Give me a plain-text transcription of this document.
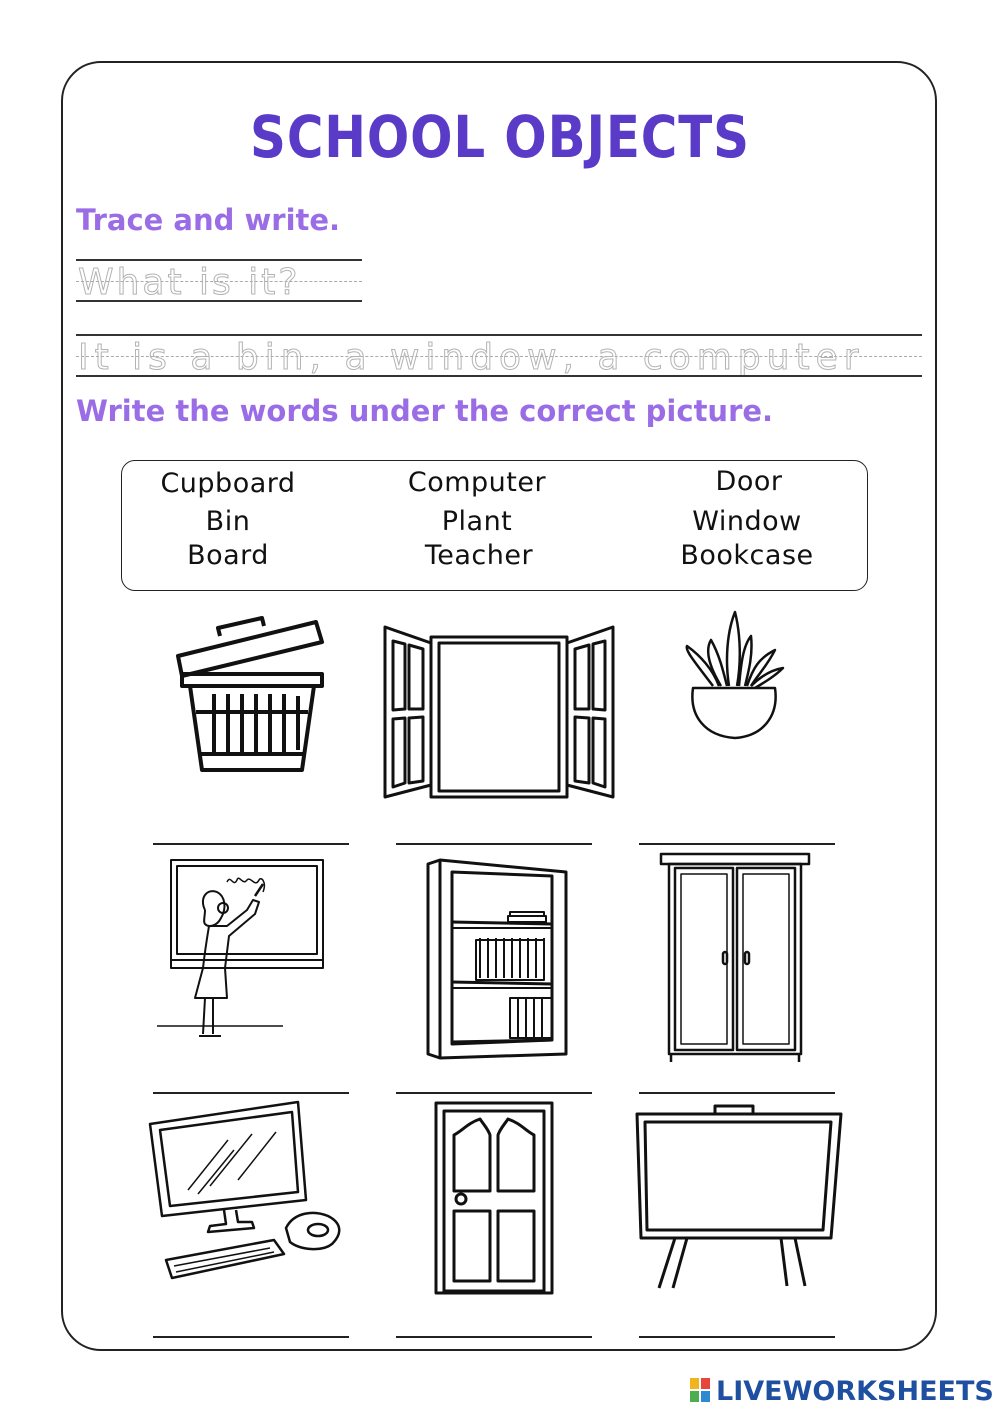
SCHOOL OBJECTS
Trace and write.
What is it?
It is a bin, a window, a computer
Write the words under the correct picture.
Cupboard
Bin
Board
Computer
Plant
Teacher
Door
Window
Bookcase
LIVEWORKSHEETS
